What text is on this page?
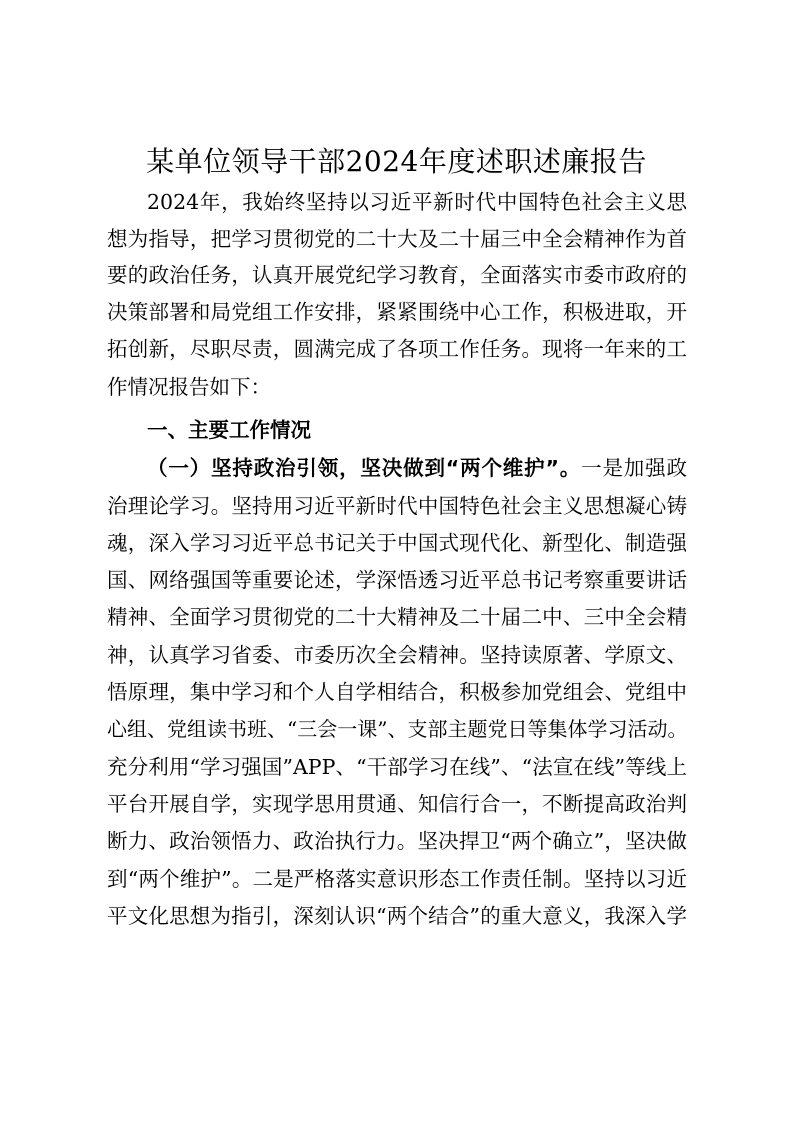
某单位领导干部2024年度述职述廉报告
2024年，我始终坚持以习近平新时代中国特色社会主义思
想为指导，把学习贯彻党的二十大及二十届三中全会精神作为首
要的政治任务，认真开展党纪学习教育，全面落实市委市政府的
决策部署和局党组工作安排，紧紧围绕中心工作，积极进取，开
拓创新，尽职尽责，圆满完成了各项工作任务。现将一年来的工
作情况报告如下：
一、主要工作情况
（一）坚持政治引领，坚决做到“两个维护”。一是加强政
治理论学习。坚持用习近平新时代中国特色社会主义思想凝心铸
魂，深入学习习近平总书记关于中国式现代化、新型化、制造强
国、网络强国等重要论述，学深悟透习近平总书记考察重要讲话
精神、全面学习贯彻党的二十大精神及二十届二中、三中全会精
神，认真学习省委、市委历次全会精神。坚持读原著、学原文、
悟原理，集中学习和个人自学相结合，积极参加党组会、党组中
心组、党组读书班、“三会一课”、支部主题党日等集体学习活动。
充分利用“学习强国”APP、“干部学习在线”、“法宣在线”等线上
平台开展自学，实现学思用贯通、知信行合一，不断提高政治判
断力、政治领悟力、政治执行力。坚决捍卫“两个确立”，坚决做
到“两个维护”。二是严格落实意识形态工作责任制。坚持以习近
平文化思想为指引，深刻认识“两个结合”的重大意义，我深入学
